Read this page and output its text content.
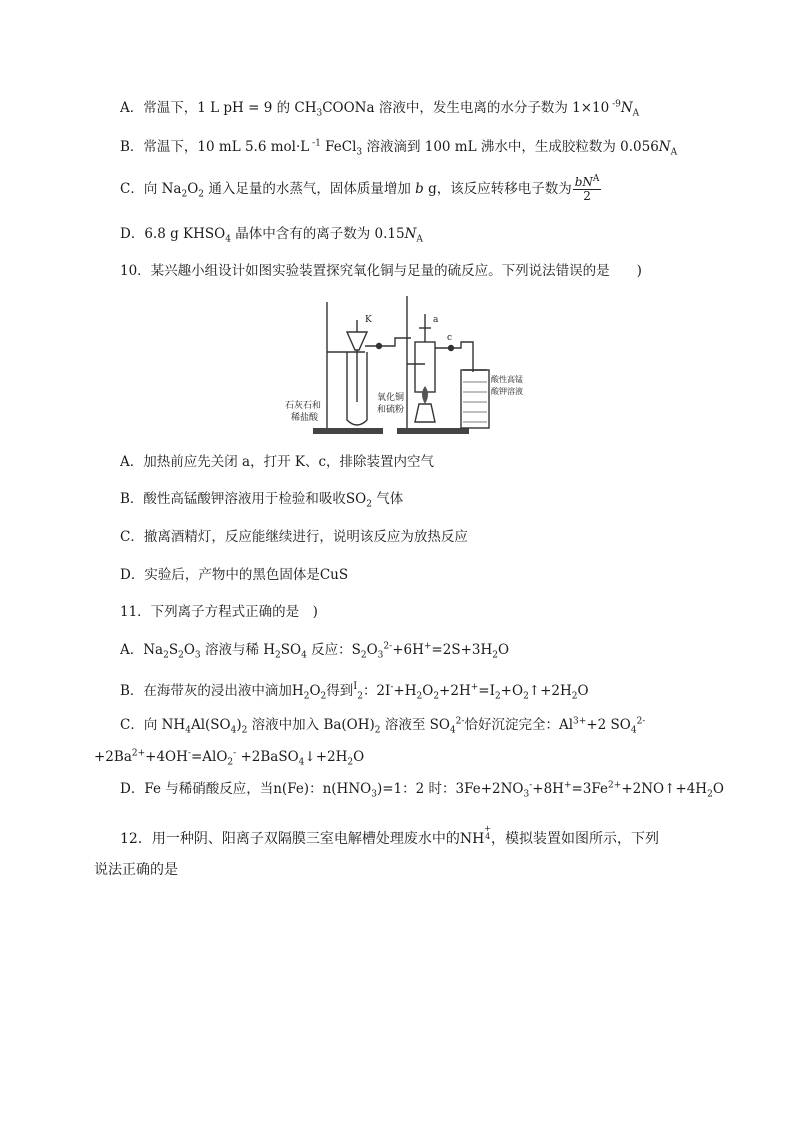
A．常温下，1 L pH = 9 的 $CH_3COONa$ 溶液中，发生电离的水分子数为 1×10 $^{-9}N_A$
B．常温下，10 mL 5.6 mol·L $^{-1}$ FeCl$_3$ 溶液滴到 100 mL 沸水中，生成胶粒数为 $0.056N_A$
C．向 $Na_2O_2$ 通入足量的水蒸气，固体质量增加 b g，该反应转移电子数为 $\frac{bN^A}{2}$
D．6.8 g $KHSO_4$ 晶体中含有的离子数为 $0.15N_A$
10．某兴趣小组设计如图实验装置探究氧化铜与足量的硫反应。下列说法错误的是　　)
K	a
c
石灰石和
稀盐酸
氧化铜
和硫粉
酸性高锰
酸钾溶液
A．加热前应先关闭 a，打开 K、c，排除装置内空气
B．酸性高锰酸钾溶液用于检验和吸收$SO_2$ 气体
C．撤离酒精灯，反应能继续进行，说明该反应为放热反应
D．实验后，产物中的黑色固体是CuS
11．下列离子方程式正确的是　)
A．$Na_2S_2O_3$ 溶液与稀 $H_2SO_4$ 反应：$S_2O_3^{2-}+6H^+=2S+3H_2O$
B．在海带灰的浸出液中滴加$H_2O_2$得到$^I_2$：$2I^-+H_2O_2+2H^+=I_2+O_2↑+2H_2O$
C．向 $NH_4Al(SO_4)_2$ 溶液中加入 $Ba(OH)_2$ 溶液至 $SO_4^{2-}$恰好沉淀完全：$Al^{3+}+2$ $SO_4^{2-}$
$+2Ba^{2+}+4OH^-=AlO_2^-$ $+2BaSO_4↓+2H_2O$
D．Fe 与稀硝酸反应，当n(Fe)：$n(HNO_3)=1$：2 时：$3Fe+2NO_3^-+8H^+=3Fe^{2+}+2NO↑+4H_2O$
12．用一种阴、阳离子双隔膜三室电解槽处理废水中的NH
+
4 ，模拟装置如图所示，下列
说法正确的是
